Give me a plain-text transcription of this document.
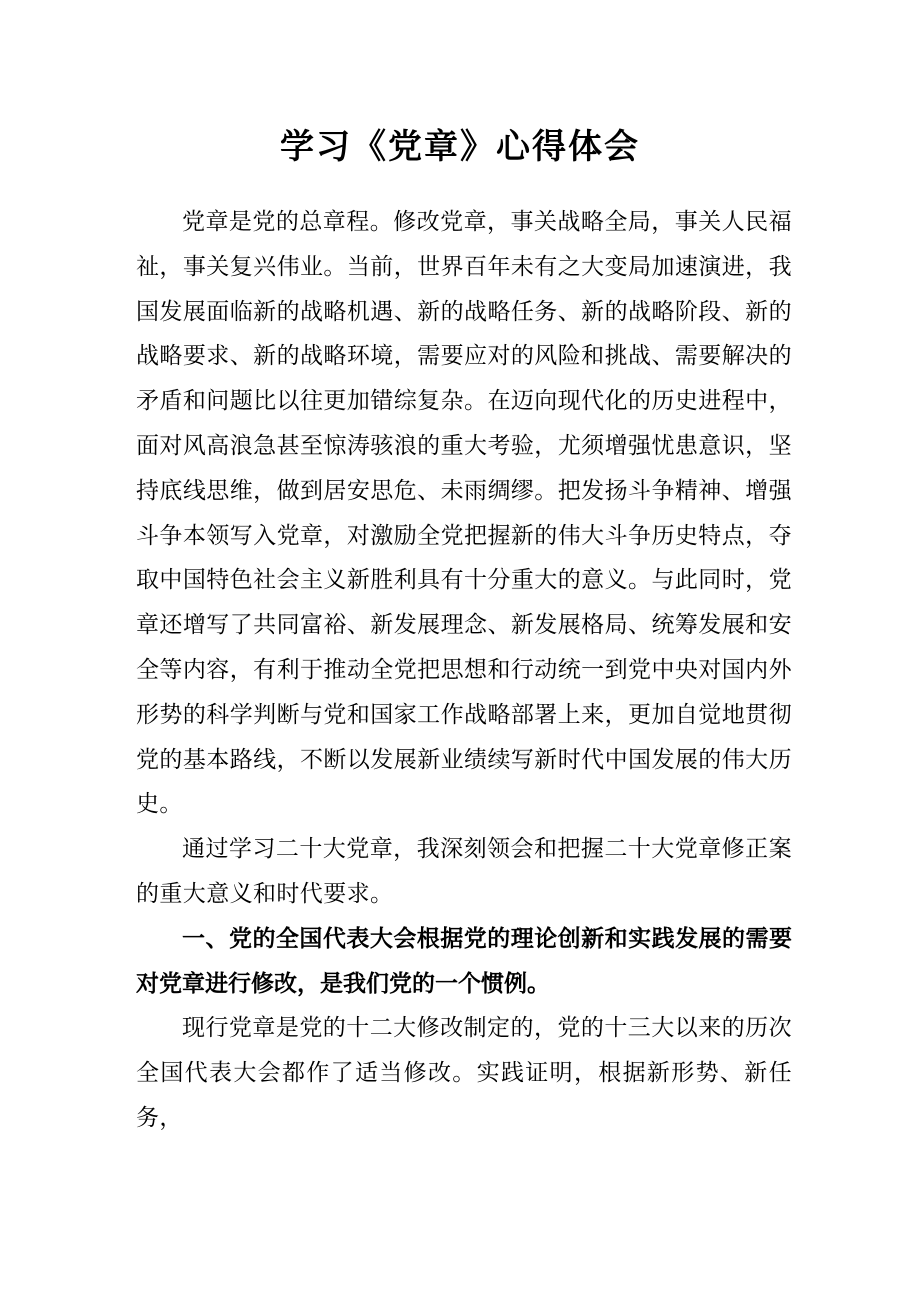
学习《党章》心得体会

党章是党的总章程。修改党章，事关战略全局，事关人民福祉，事关复兴伟业。当前，世界百年未有之大变局加速演进，我国发展面临新的战略机遇、新的战略任务、新的战略阶段、新的战略要求、新的战略环境，需要应对的风险和挑战、需要解决的矛盾和问题比以往更加错综复杂。在迈向现代化的历史进程中，面对风高浪急甚至惊涛骇浪的重大考验，尤须增强忧患意识，坚持底线思维，做到居安思危、未雨绸缪。把发扬斗争精神、增强斗争本领写入党章，对激励全党把握新的伟大斗争历史特点，夺取中国特色社会主义新胜利具有十分重大的意义。与此同时，党章还增写了共同富裕、新发展理念、新发展格局、统筹发展和安全等内容，有利于推动全党把思想和行动统一到党中央对国内外形势的科学判断与党和国家工作战略部署上来，更加自觉地贯彻党的基本路线，不断以发展新业绩续写新时代中国发展的伟大历史。

通过学习二十大党章，我深刻领会和把握二十大党章修正案的重大意义和时代要求。

一、党的全国代表大会根据党的理论创新和实践发展的需要对党章进行修改，是我们党的一个惯例。

现行党章是党的十二大修改制定的，党的十三大以来的历次全国代表大会都作了适当修改。实践证明，根据新形势、新任务，
